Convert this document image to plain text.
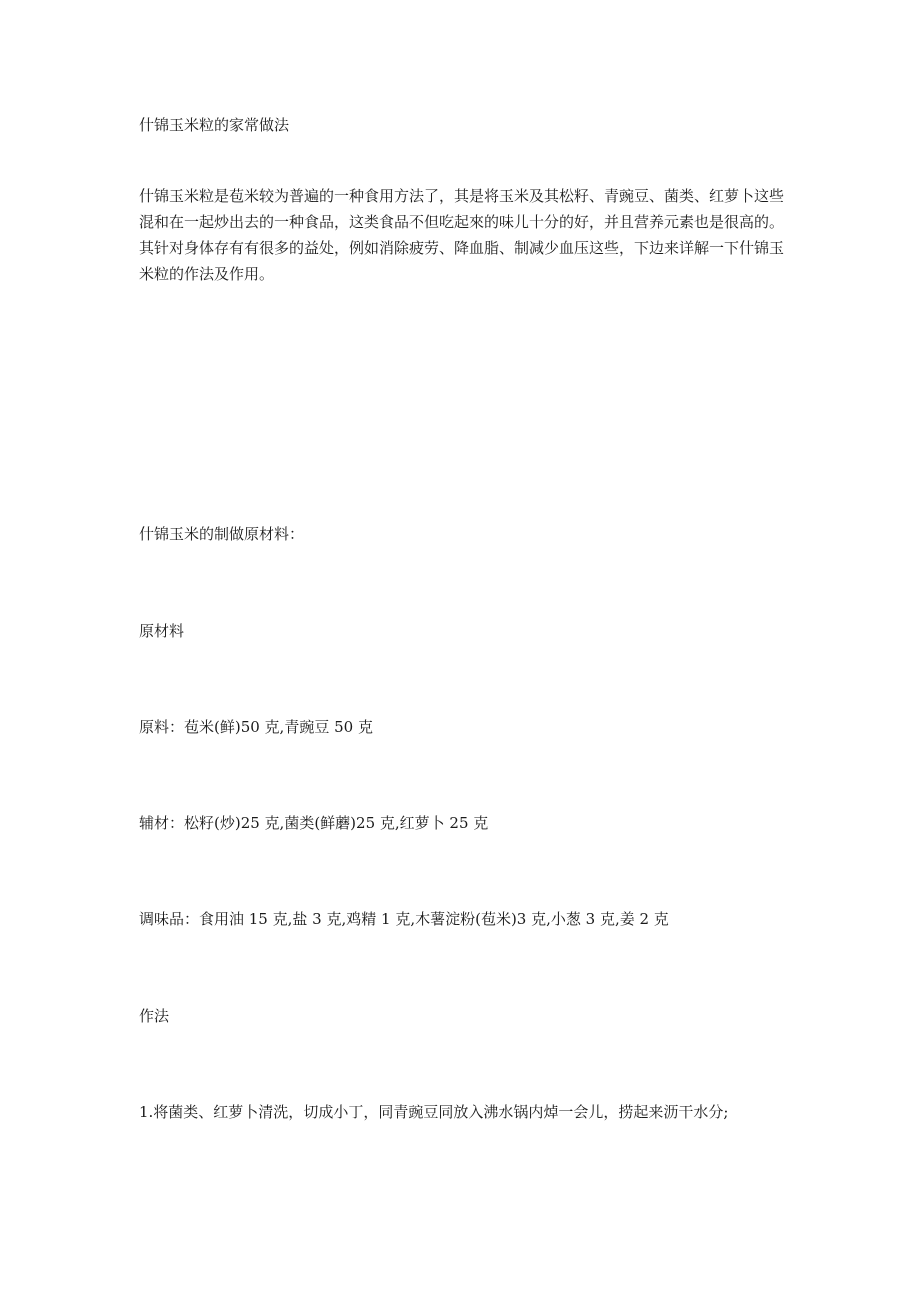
什锦玉米粒的家常做法

什锦玉米粒是苞米较为普遍的一种食用方法了，其是将玉米及其松籽、青豌豆、菌类、红萝卜这些混和在一起炒出去的一种食品，这类食品不但吃起來的味儿十分的好，并且营养元素也是很高的。其针对身体存有有很多的益处，例如消除疲劳、降血脂、制减少血压这些，下边来详解一下什锦玉米粒的作法及作用。

什锦玉米的制做原材料：

原材料

原料：苞米(鲜)50 克,青豌豆 50 克

辅材：松籽(炒)25 克,菌类(鲜蘑)25 克,红萝卜 25 克

调味品：食用油 15 克,盐 3 克,鸡精 1 克,木薯淀粉(苞米)3 克,小葱 3 克,姜 2 克

作法

1.将菌类、红萝卜清洗，切成小丁，同青豌豆同放入沸水锅内焯一会儿，捞起来沥干水分;
